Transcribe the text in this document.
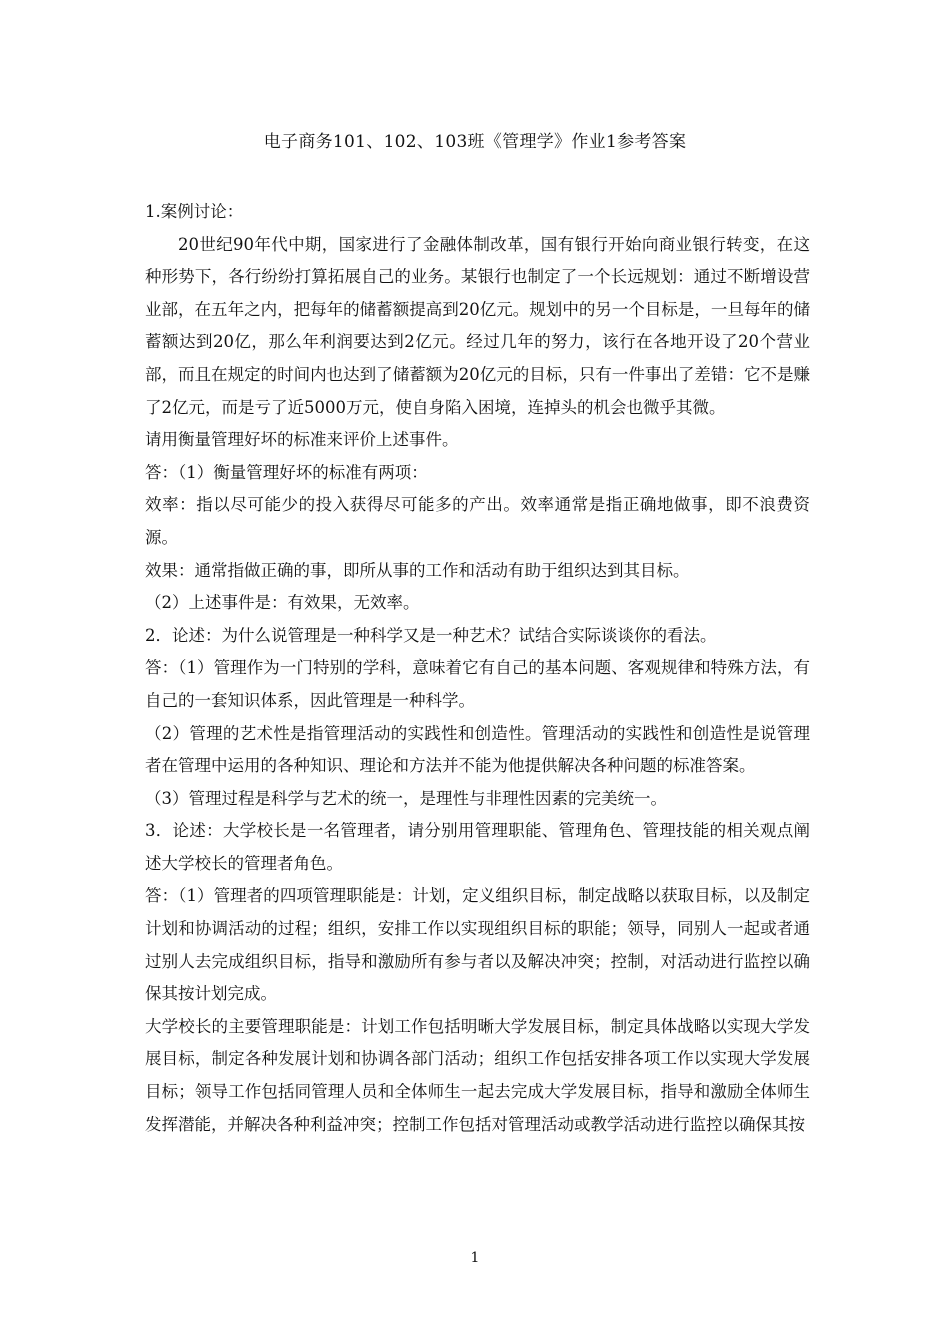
电子商务101、102、103班《管理学》作业1参考答案

1.案例讨论：

20世纪90年代中期，国家进行了金融体制改革，国有银行开始向商业银行转变，在这种形势下，各行纷纷打算拓展自己的业务。某银行也制定了一个长远规划：通过不断增设营业部，在五年之内，把每年的储蓄额提高到20亿元。规划中的另一个目标是，一旦每年的储蓄额达到20亿，那么年利润要达到2亿元。经过几年的努力，该行在各地开设了20个营业部，而且在规定的时间内也达到了储蓄额为20亿元的目标，只有一件事出了差错：它不是赚了2亿元，而是亏了近5000万元，使自身陷入困境，连掉头的机会也微乎其微。

请用衡量管理好坏的标准来评价上述事件。

答：（1）衡量管理好坏的标准有两项：

效率：指以尽可能少的投入获得尽可能多的产出。效率通常是指正确地做事，即不浪费资源。

效果：通常指做正确的事，即所从事的工作和活动有助于组织达到其目标。

（2）上述事件是：有效果，无效率。

2．论述：为什么说管理是一种科学又是一种艺术？试结合实际谈谈你的看法。

答：（1）管理作为一门特别的学科，意味着它有自己的基本问题、客观规律和特殊方法，有自己的一套知识体系，因此管理是一种科学。

（2）管理的艺术性是指管理活动的实践性和创造性。管理活动的实践性和创造性是说管理者在管理中运用的各种知识、理论和方法并不能为他提供解决各种问题的标准答案。

（3）管理过程是科学与艺术的统一，是理性与非理性因素的完美统一。

3．论述：大学校长是一名管理者，请分别用管理职能、管理角色、管理技能的相关观点阐述大学校长的管理者角色。

答：（1）管理者的四项管理职能是：计划，定义组织目标，制定战略以获取目标，以及制定计划和协调活动的过程；组织，安排工作以实现组织目标的职能；领导，同别人一起或者通过别人去完成组织目标，指导和激励所有参与者以及解决冲突；控制，对活动进行监控以确保其按计划完成。

大学校长的主要管理职能是：计划工作包括明晰大学发展目标，制定具体战略以实现大学发展目标，制定各种发展计划和协调各部门活动；组织工作包括安排各项工作以实现大学发展目标；领导工作包括同管理人员和全体师生一起去完成大学发展目标，指导和激励全体师生发挥潜能，并解决各种利益冲突；控制工作包括对管理活动或教学活动进行监控以确保其按

1
